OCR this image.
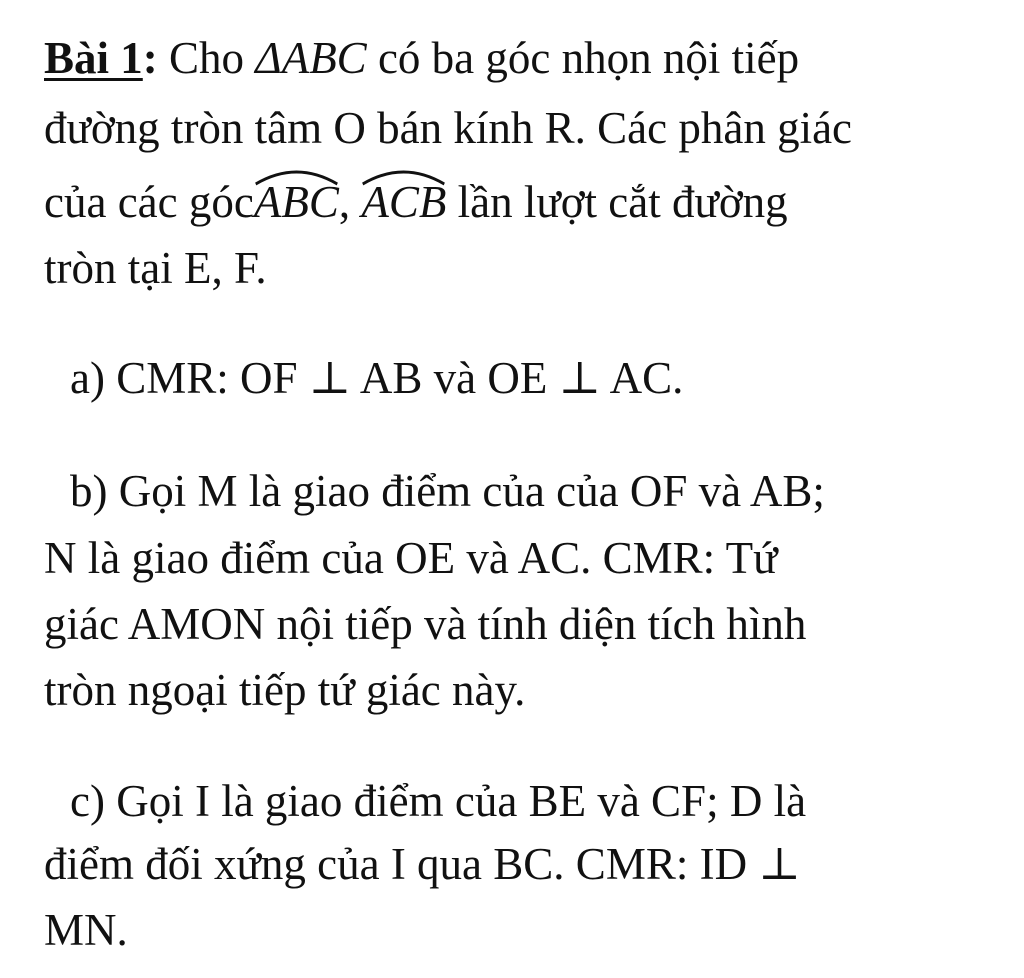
Bài 1: Cho ΔABC có ba góc nhọn nội tiếp
đường tròn tâm O bán kính R. Các phân giác
của các góc
ABC,
ACB lần lượt cắt đường
tròn tại E, F.
a) CMR: OF ⊥ AB và OE ⊥ AC.
b) Gọi M là giao điểm của của OF và AB;
N là giao điểm của OE và AC. CMR: Tứ
giác AMON nội tiếp và tính diện tích hình
tròn ngoại tiếp tứ giác này.
c) Gọi I là giao điểm của BE và CF; D là
điểm đối xứng của I qua BC. CMR: ID ⊥
MN.
